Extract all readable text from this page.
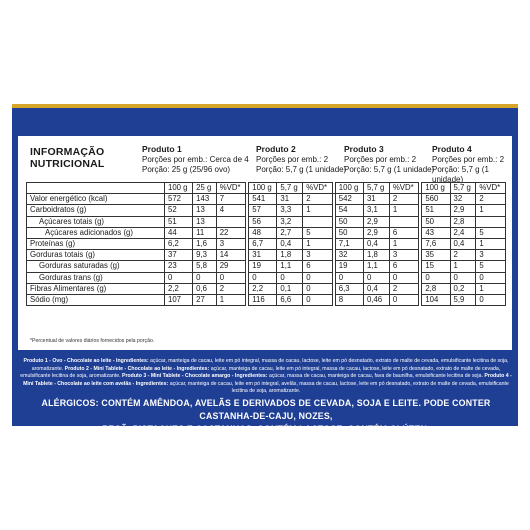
INFORMAÇÃO
NUTRICIONAL
Produto 1
Porções por emb.: Cerca de 4
Porção: 25 g (25/96 ovo)
Produto 2
Porções por emb.: 2
Porção: 5,7 g (1 unidade)
Produto 3
Porções por emb.: 2
Porção: 5,7 g (1 unidade)
Produto 4
Porções por emb.: 2
Porção: 5,7 g (1 unidade)
	100 g	25 g	%VD*		100 g	5,7 g	%VD*		100 g	5,7 g	%VD*		100 g	5,7 g	%VD*
Valor energético (kcal)	572	143	7		541	31	2		542	31	2		560	32	2
Carboidratos (g)	52	13	4		57	3,3	1		54	3,1	1		51	2,9	1
Açúcares totais (g)	51	13			56	3,2			50	2,9			50	2,8	
Açúcares adicionados (g)	44	11	22		48	2,7	5		50	2,9	6		43	2,4	5
Proteínas (g)	6,2	1,6	3		6,7	0,4	1		7,1	0,4	1		7,6	0,4	1
Gorduras totais (g)	37	9,3	14		31	1,8	3		32	1,8	3		35	2	3
Gorduras saturadas (g)	23	5,8	29		19	1,1	6		19	1,1	6		15	1	5
Gorduras trans (g)	0	0	0		0	0	0		0	0	0		0	0	0
Fibras Alimentares (g)	2,2	0,6	2		2,2	0,1	0		6,3	0,4	2		2,8	0,2	1
Sódio (mg)	107	27	1		116	6,6	0		8	0,46	0		104	5,9	0
*Percentual de valores diários fornecidos pela porção.
Produto 1 - Ovo - Chocolate ao leite - Ingredientes: açúcar, manteiga de cacau, leite em pó integral, massa de cacau, lactose, leite em pó desnatado, extrato de malte de cevada, emulsificante lecitina de soja, aromatizante. Produto 2 - Mini Tablete - Chocolate ao leite - Ingredientes: açúcar, manteiga de cacau, leite em pó integral, massa de cacau, lactose, leite em pó desnatado, extrato de malte de cevada, emulsificante lecitina de soja, aromatizante. Produto 3 - Mini Tablete - Chocolate amargo - Ingredientes: açúcar, massa de cacau, manteiga de cacau, fava de baunilha, emulsificante lecitina de soja. Produto 4 - Mini Tablete - Chocolate ao leite com avelãs - Ingredientes: açúcar, manteiga de cacau, leite em pó integral, avelãs, massa de cacau, lactose, leite em pó desnatado, extrato de malte de cevada, emulsificante lecitina de soja, aromatizante.
ALÉRGICOS: CONTÉM AMÊNDOA, AVELÃS E DERIVADOS DE CEVADA, SOJA E LEITE. PODE CONTER CASTANHA-DE-CAJU, NOZES,
PECÃ, PISTACHES E CASTANHAS. CONTÉM LACTOSE. CONTÉM GLÚTEN.
